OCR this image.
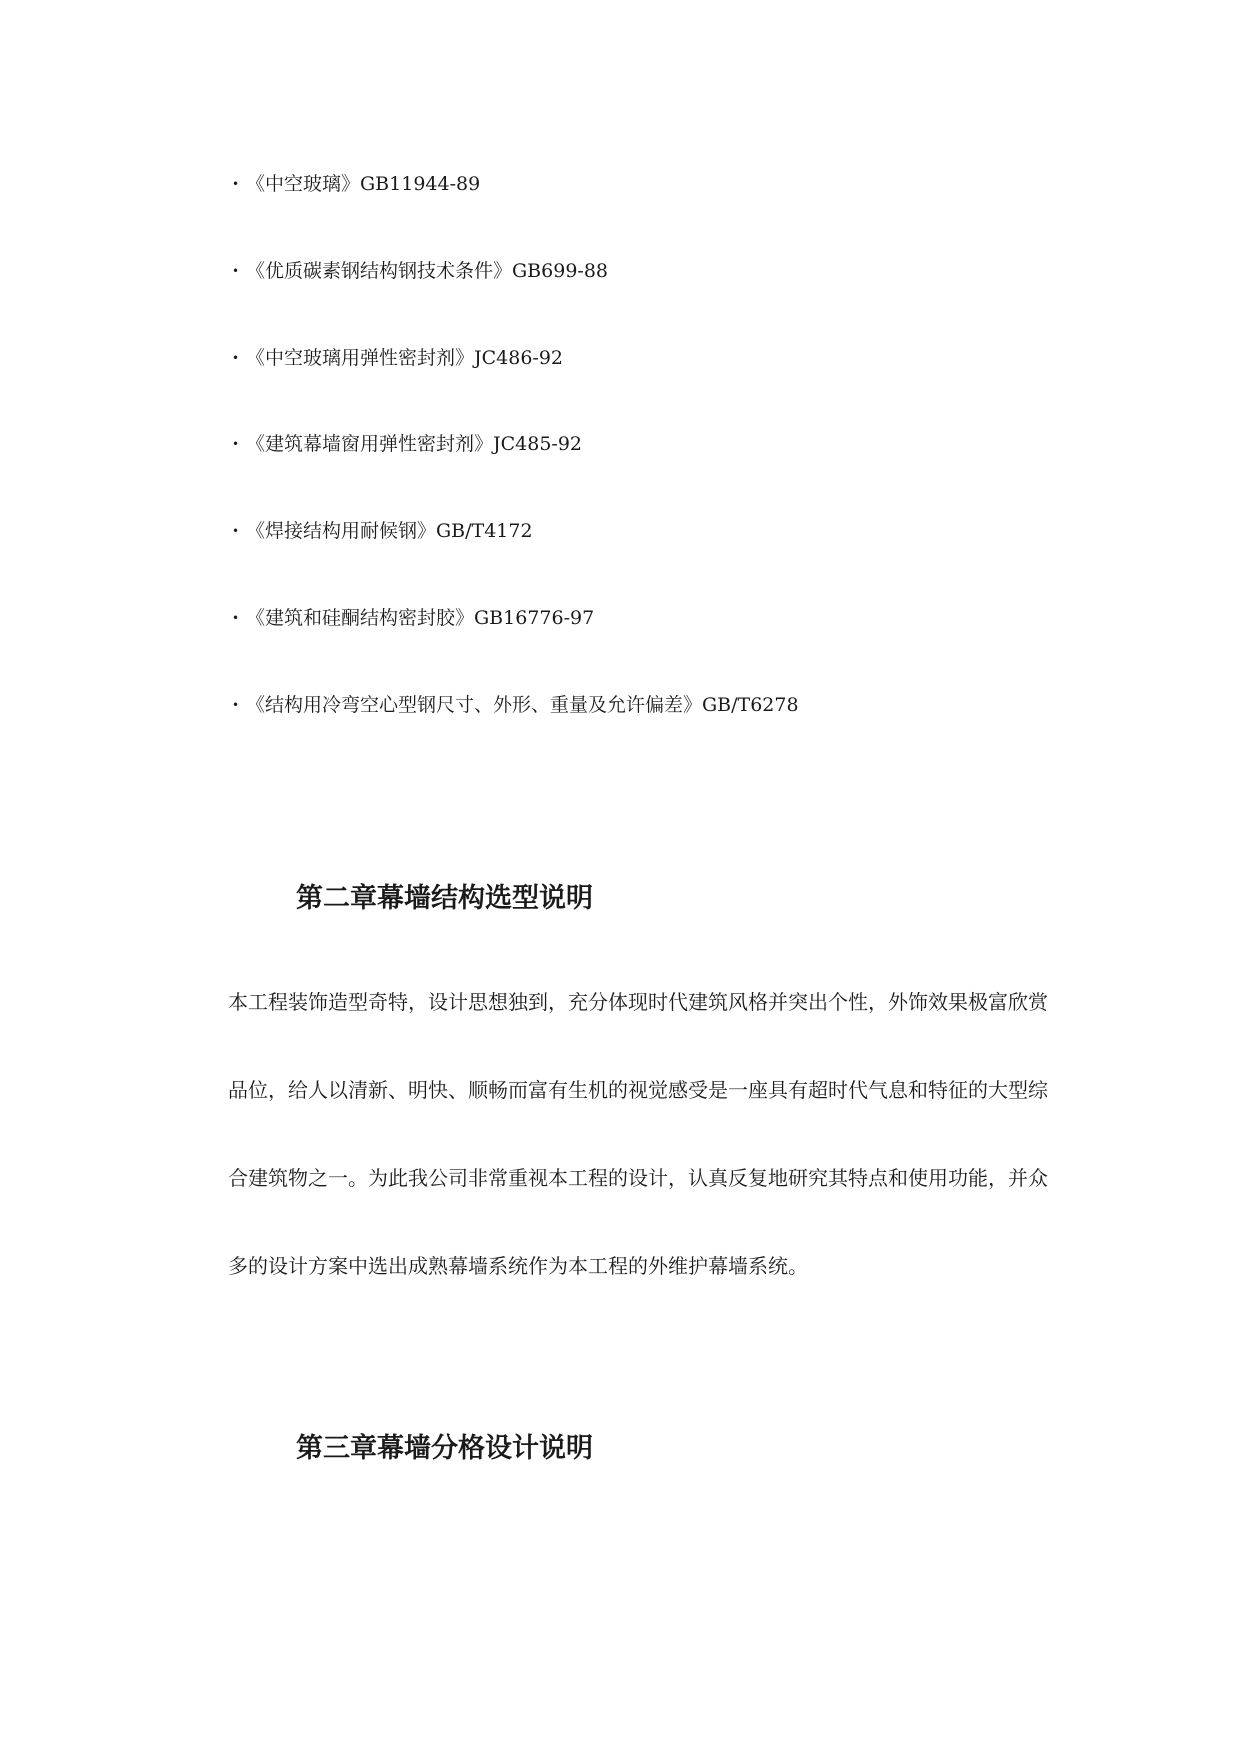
• 《中空玻璃》GB11944-89
• 《优质碳素钢结构钢技术条件》GB699-88
• 《中空玻璃用弹性密封剂》JC486-92
• 《建筑幕墙窗用弹性密封剂》JC485-92
• 《焊接结构用耐候钢》GB/T4172
• 《建筑和硅酮结构密封胶》GB16776-97
• 《结构用冷弯空心型钢尺寸、外形、重量及允许偏差》GB/T6278
第二章幕墙结构选型说明
本工程装饰造型奇特，设计思想独到，充分体现时代建筑风格并突出个性，外饰效果极富欣赏
品位，给人以清新、明快、顺畅而富有生机的视觉感受是一座具有超时代气息和特征的大型综
合建筑物之一。为此我公司非常重视本工程的设计，认真反复地研究其特点和使用功能，并众
多的设计方案中选出成熟幕墙系统作为本工程的外维护幕墙系统。
第三章幕墙分格设计说明
